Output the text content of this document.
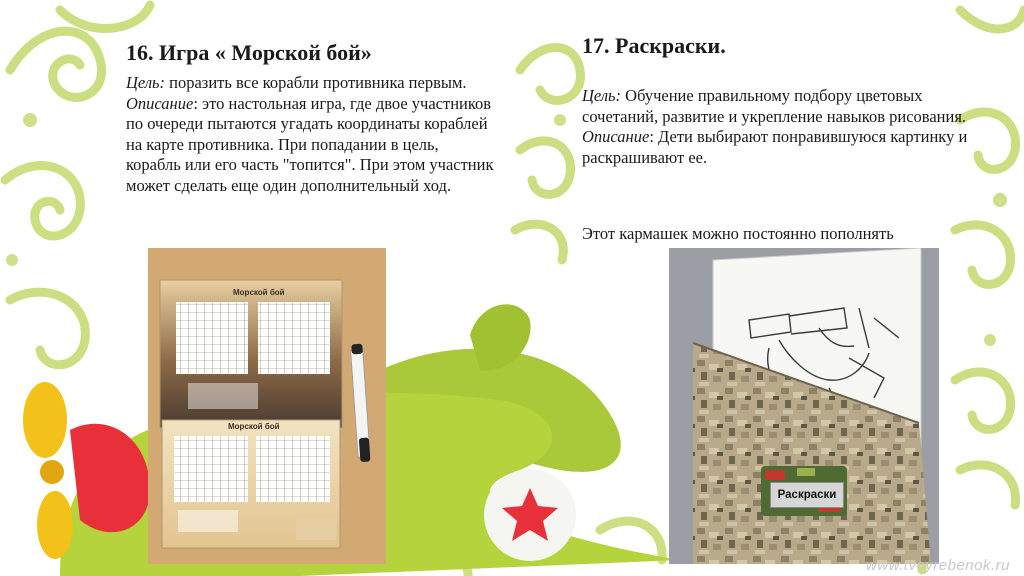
16. Игра « Морской бой»
Цель: поразить все корабли противника первым.
Описание: это настольная игра, где двое участников по очереди пытаются угадать координаты кораблей на карте противника. При попадании в цель, корабль или его часть "топится". При этом участник может сделать еще один дополнительный ход.
17. Раскраски.
Цель: Обучение правильному подбору цветовых сочетаний, развитие и укрепление навыков рисования.
Описание: Дети выбирают понравившуюся картинку и раскрашивают ее.
Этот кармашек можно постоянно пополнять
Морской бой
Морской бой
Раскраски
www.tvoyrebenok.ru
